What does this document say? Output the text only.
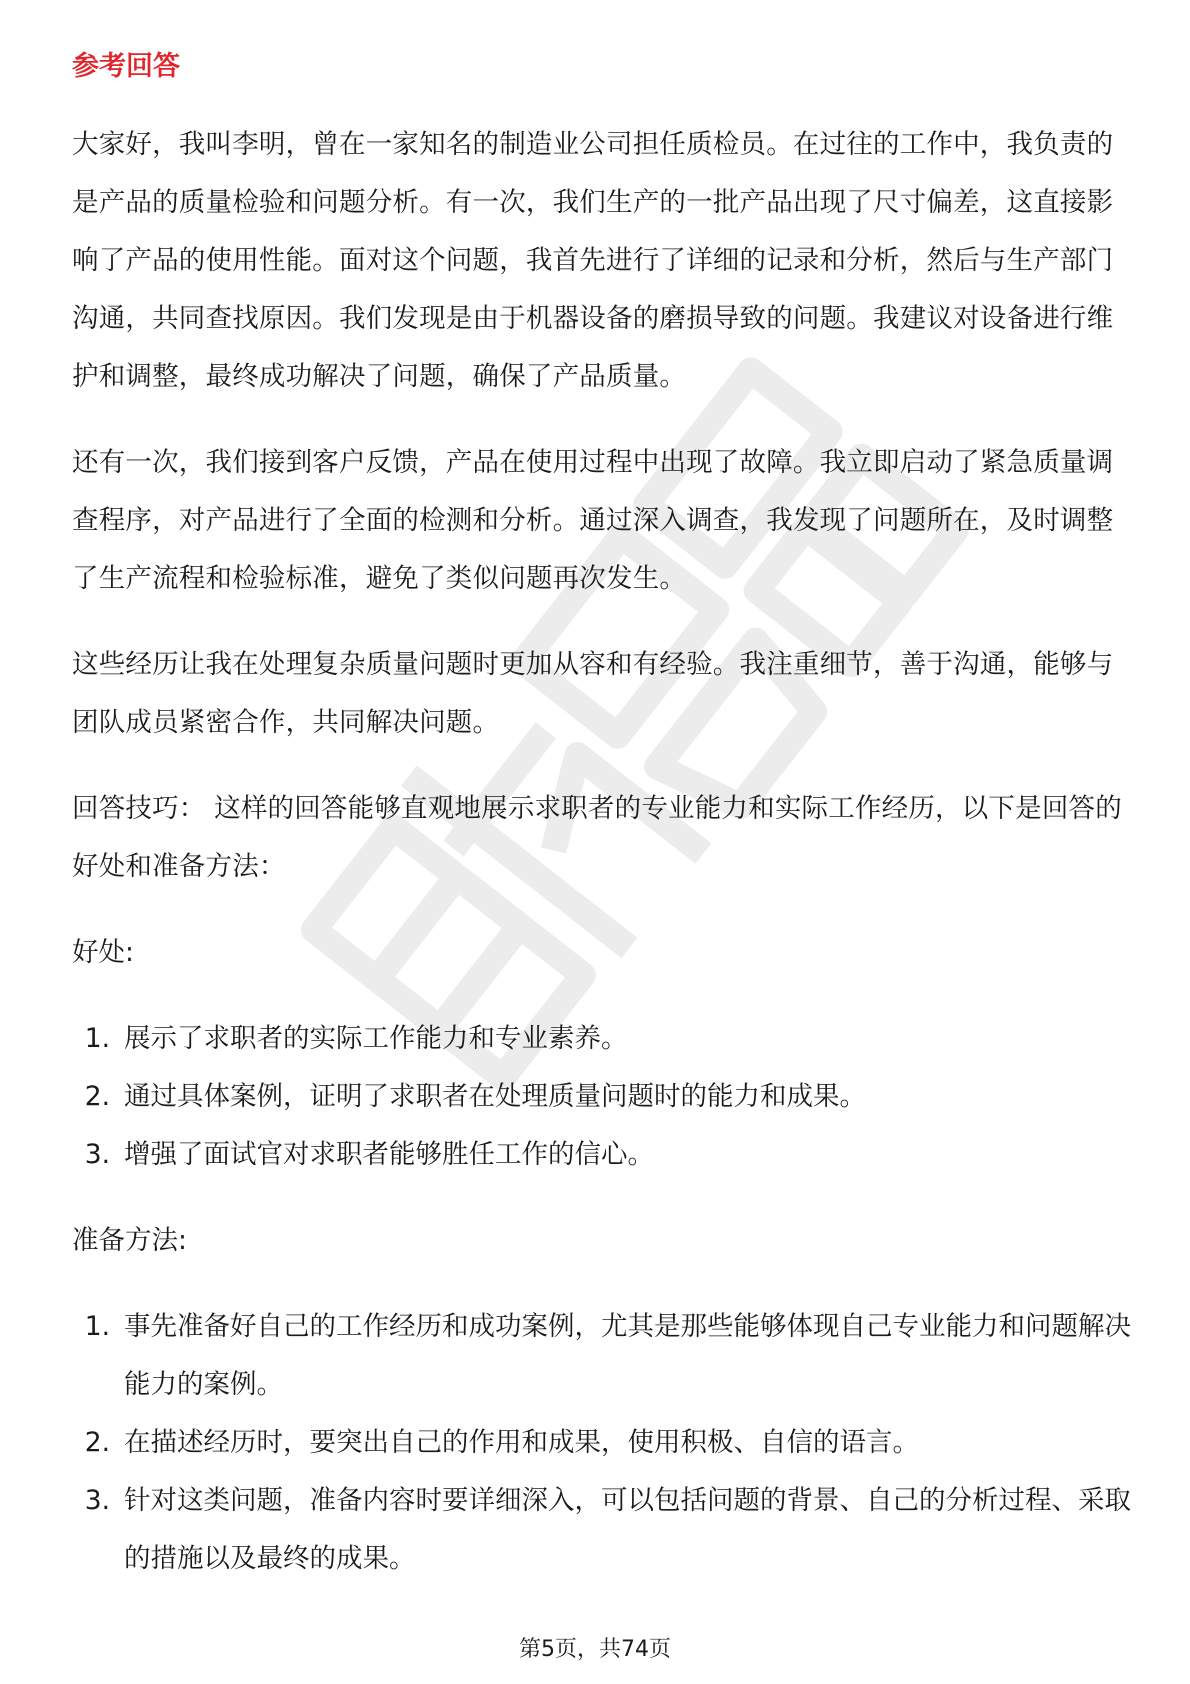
参考回答

大家好，我叫李明，曾在一家知名的制造业公司担任质检员。在过往的工作中，我负责的是产品的质量检验和问题分析。有一次，我们生产的一批产品出现了尺寸偏差，这直接影响了产品的使用性能。面对这个问题，我首先进行了详细的记录和分析，然后与生产部门沟通，共同查找原因。我们发现是由于机器设备的磨损导致的问题。我建议对设备进行维护和调整，最终成功解决了问题，确保了产品质量。

还有一次，我们接到客户反馈，产品在使用过程中出现了故障。我立即启动了紧急质量调查程序，对产品进行了全面的检测和分析。通过深入调查，我发现了问题所在，及时调整了生产流程和检验标准，避免了类似问题再次发生。

这些经历让我在处理复杂质量问题时更加从容和有经验。我注重细节，善于沟通，能够与团队成员紧密合作，共同解决问题。

回答技巧： 这样的回答能够直观地展示求职者的专业能力和实际工作经历，以下是回答的好处和准备方法：

好处:
1. 展示了求职者的实际工作能力和专业素养。
2. 通过具体案例，证明了求职者在处理质量问题时的能力和成果。
3. 增强了面试官对求职者能够胜任工作的信心。
准备方法:
1. 事先准备好自己的工作经历和成功案例，尤其是那些能够体现自己专业能力和问题解决能力的案例。
2. 在描述经历时，要突出自己的作用和成果，使用积极、自信的语言。
3. 针对这类问题，准备内容时要详细深入，可以包括问题的背景、自己的分析过程、采取的措施以及最终的成果。
第5页，共74页
